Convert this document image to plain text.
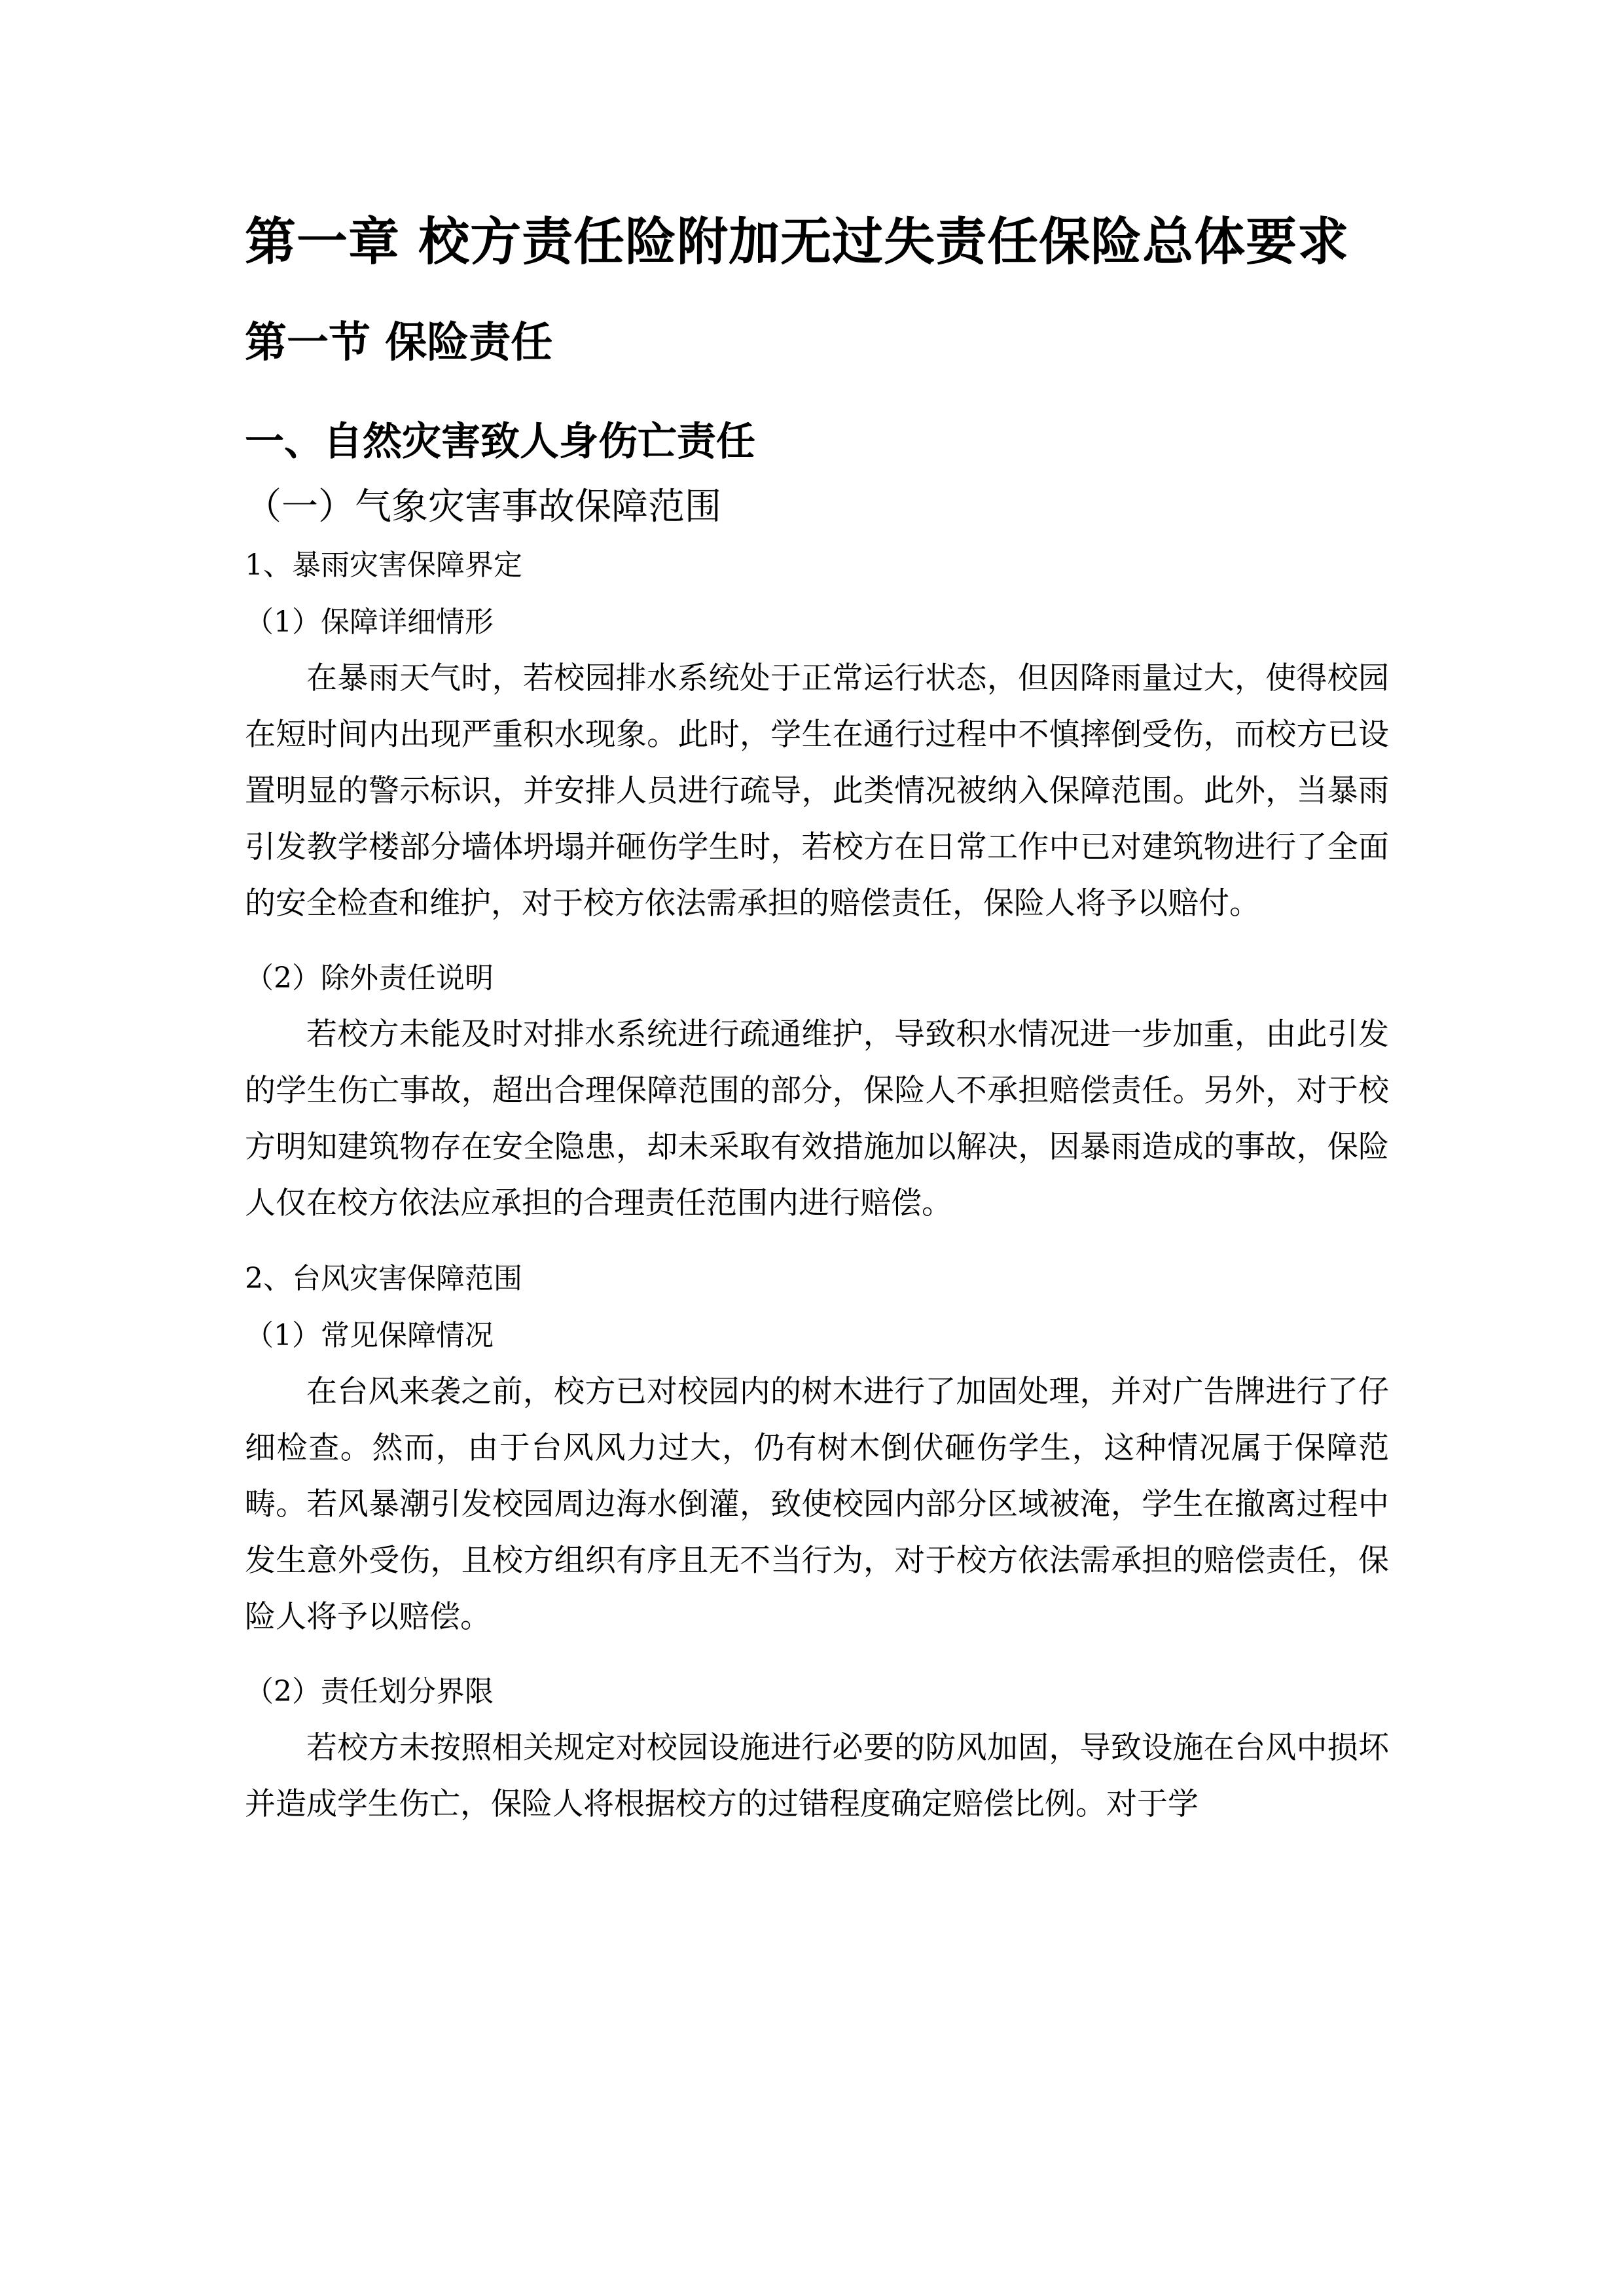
第一章 校方责任险附加无过失责任保险总体要求
第一节 保险责任
一、自然灾害致人身伤亡责任
（一）气象灾害事故保障范围
1、暴雨灾害保障界定
（1）保障详细情形

在暴雨天气时，若校园排水系统处于正常运行状态，但因降雨量过大，使得校园在短时间内出现严重积水现象。此时，学生在通行过程中不慎摔倒受伤，而校方已设置明显的警示标识，并安排人员进行疏导，此类情况被纳入保障范围。此外，当暴雨引发教学楼部分墙体坍塌并砸伤学生时，若校方在日常工作中已对建筑物进行了全面的安全检查和维护，对于校方依法需承担的赔偿责任，保险人将予以赔付。

（2）除外责任说明

若校方未能及时对排水系统进行疏通维护，导致积水情况进一步加重，由此引发的学生伤亡事故，超出合理保障范围的部分，保险人不承担赔偿责任。另外，对于校方明知建筑物存在安全隐患，却未采取有效措施加以解决，因暴雨造成的事故，保险人仅在校方依法应承担的合理责任范围内进行赔偿。

2、台风灾害保障范围
（1）常见保障情况

在台风来袭之前，校方已对校园内的树木进行了加固处理，并对广告牌进行了仔细检查。然而，由于台风风力过大，仍有树木倒伏砸伤学生，这种情况属于保障范畴。若风暴潮引发校园周边海水倒灌，致使校园内部分区域被淹，学生在撤离过程中发生意外受伤，且校方组织有序且无不当行为，对于校方依法需承担的赔偿责任，保险人将予以赔偿。

（2）责任划分界限

若校方未按照相关规定对校园设施进行必要的防风加固，导致设施在台风中损坏并造成学生伤亡，保险人将根据校方的过错程度确定赔偿比例。对于学
